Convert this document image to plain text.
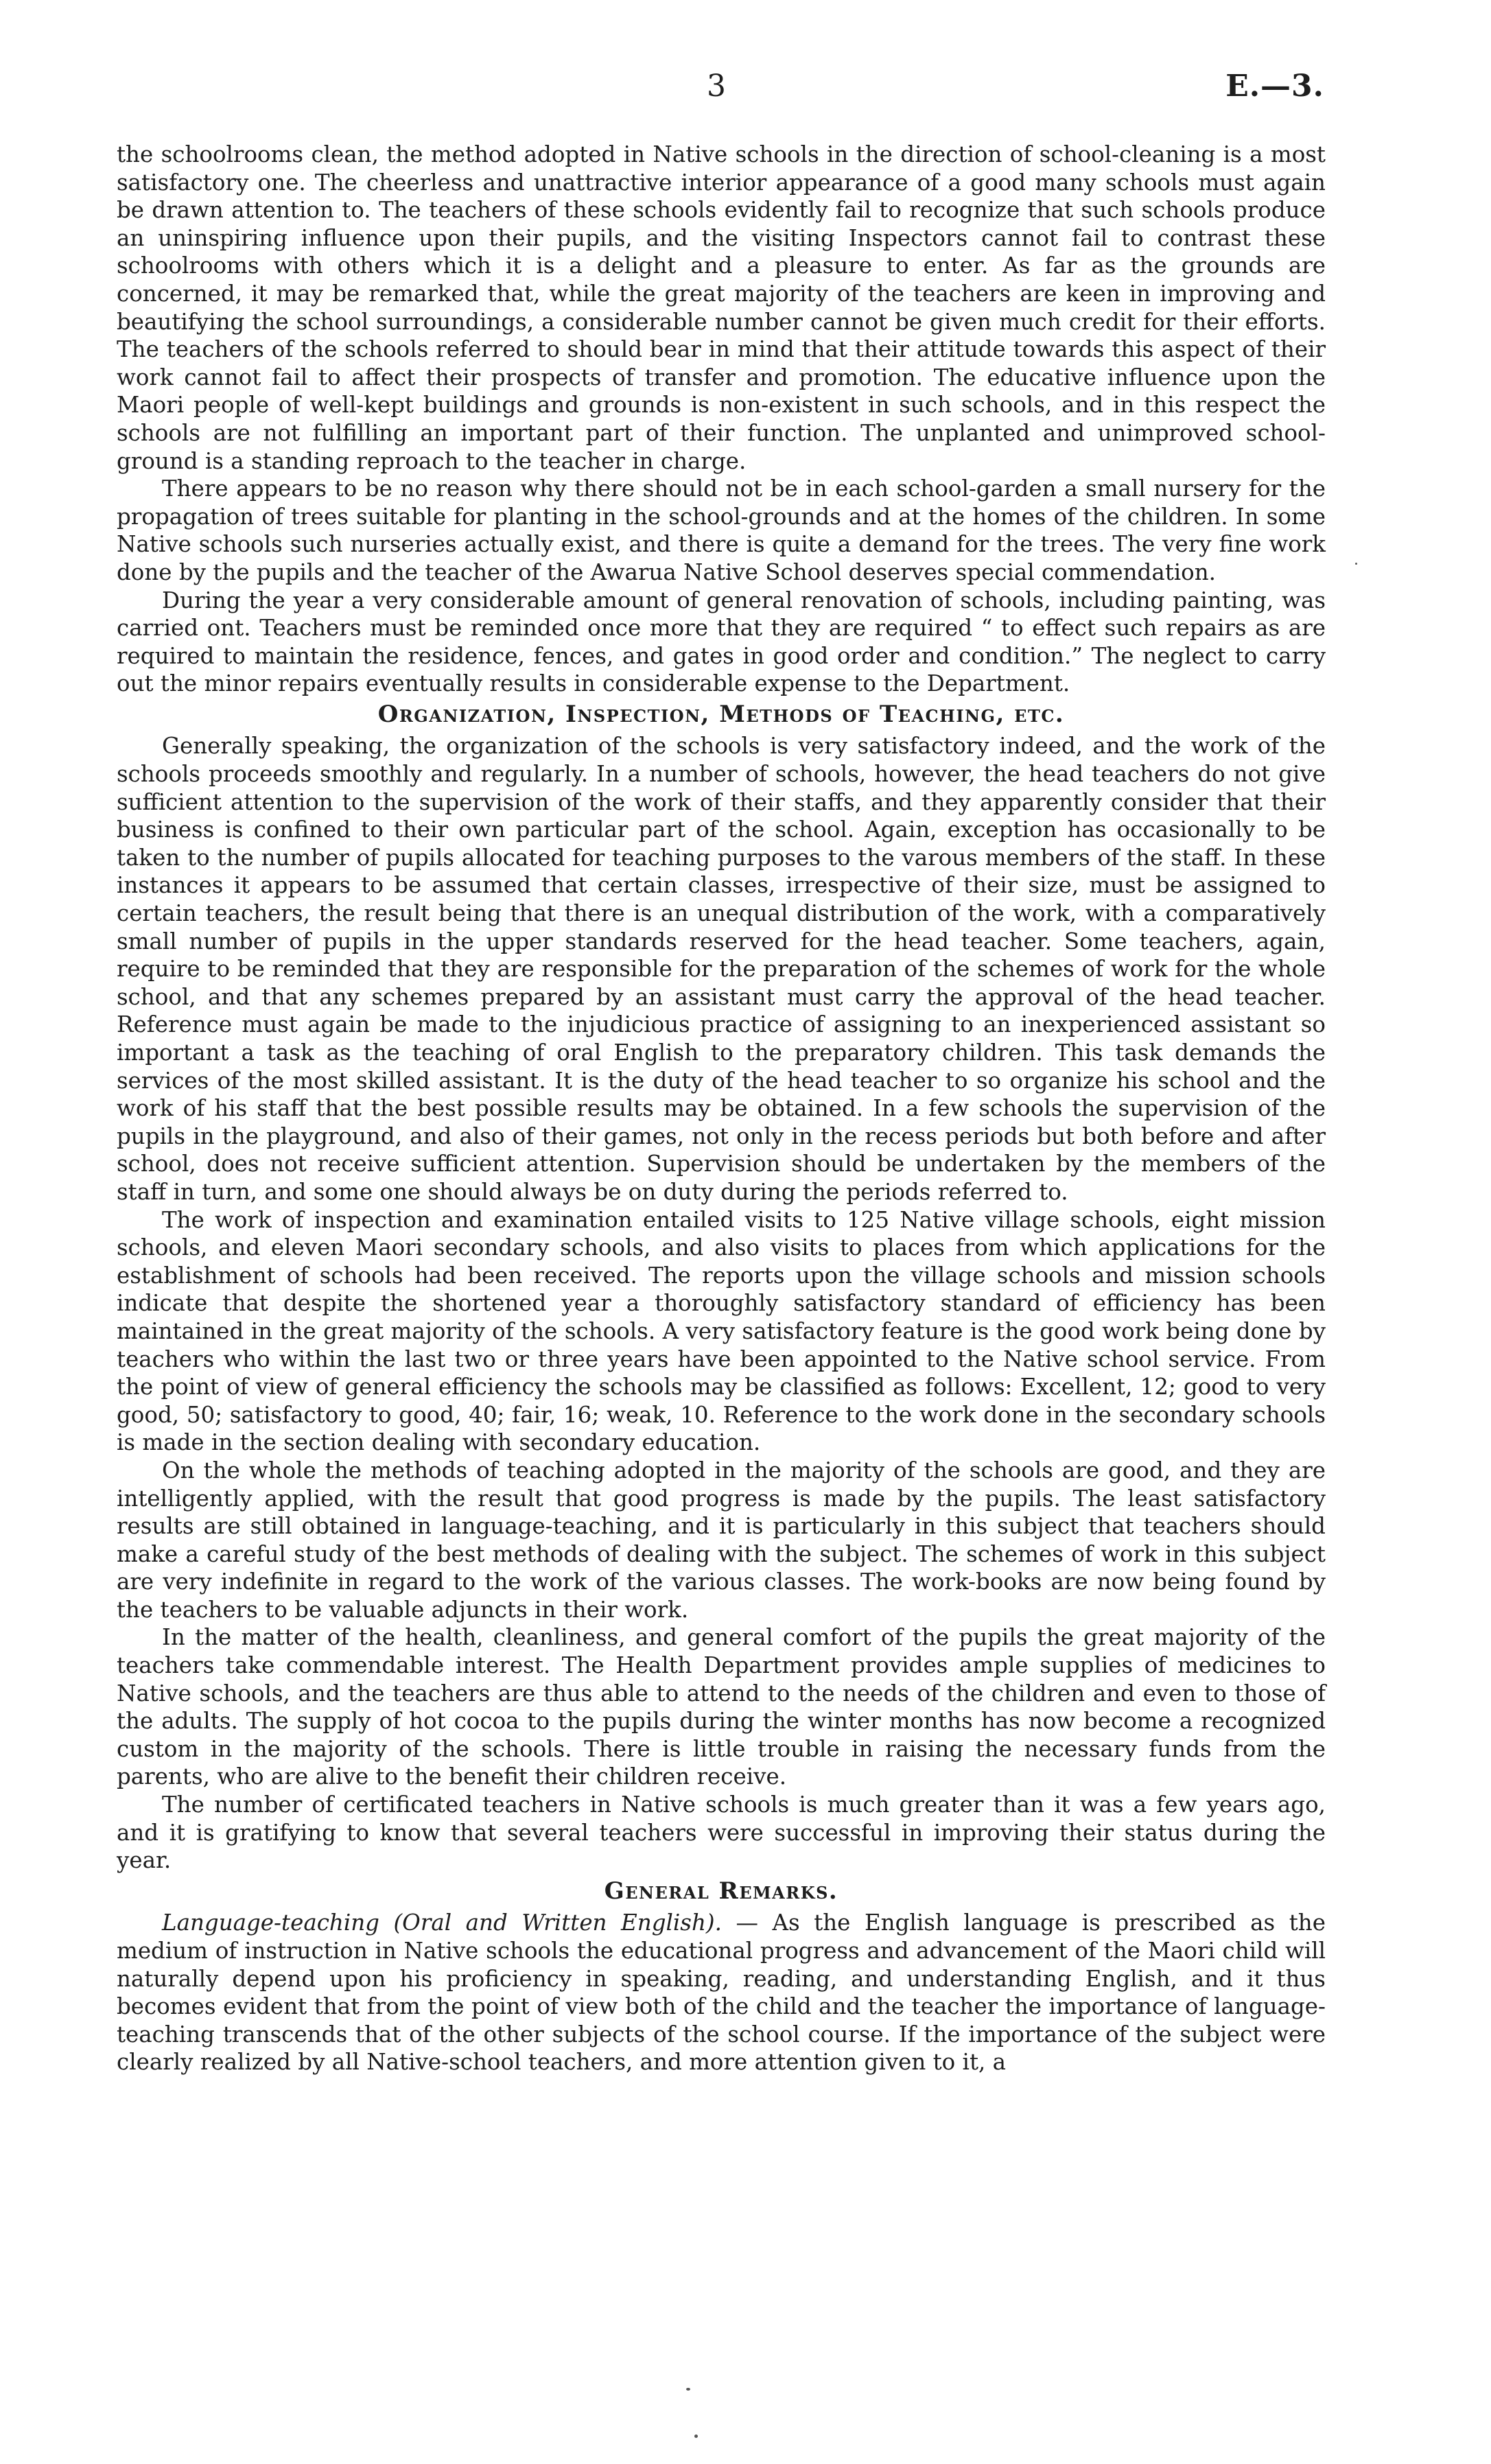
3	E.—3.

the schoolrooms clean, the method adopted in Native schools in the direction of school-cleaning is a most satisfactory one. The cheerless and unattractive interior appearance of a good many schools must again be drawn attention to. The teachers of these schools evidently fail to recognize that such schools produce an uninspiring influence upon their pupils, and the visiting Inspectors cannot fail to contrast these schoolrooms with others which it is a delight and a pleasure to enter. As far as the grounds are concerned, it may be remarked that, while the great majority of the teachers are keen in improving and beautifying the school surroundings, a considerable number cannot be given much credit for their efforts. The teachers of the schools referred to should bear in mind that their attitude towards this aspect of their work cannot fail to affect their prospects of transfer and promotion. The educative influence upon the Maori people of well-kept buildings and grounds is non-existent in such schools, and in this respect the schools are not fulfilling an important part of their function. The unplanted and unimproved school-ground is a standing reproach to the teacher in charge.

There appears to be no reason why there should not be in each school-garden a small nursery for the propagation of trees suitable for planting in the school-grounds and at the homes of the children. In some Native schools such nurseries actually exist, and there is quite a demand for the trees. The very fine work done by the pupils and the teacher of the Awarua Native School deserves special commendation.

During the year a very considerable amount of general renovation of schools, including painting, was carried ont. Teachers must be reminded once more that they are required “ to effect such repairs as are required to maintain the residence, fences, and gates in good order and condition.” The neglect to carry out the minor repairs eventually results in considerable expense to the Department.

Organization, Inspection, Methods of Teaching, etc.

Generally speaking, the organization of the schools is very satisfactory indeed, and the work of the schools proceeds smoothly and regularly. In a number of schools, however, the head teachers do not give sufficient attention to the supervision of the work of their staffs, and they apparently consider that their business is confined to their own particular part of the school. Again, exception has occasionally to be taken to the number of pupils allocated for teaching purposes to the varous members of the staff. In these instances it appears to be assumed that certain classes, irrespective of their size, must be assigned to certain teachers, the result being that there is an unequal distribution of the work, with a comparatively small number of pupils in the upper standards reserved for the head teacher. Some teachers, again, require to be reminded that they are responsible for the preparation of the schemes of work for the whole school, and that any schemes prepared by an assistant must carry the approval of the head teacher. Reference must again be made to the injudicious practice of assigning to an inexperienced assistant so important a task as the teaching of oral English to the preparatory children. This task demands the services of the most skilled assistant. It is the duty of the head teacher to so organize his school and the work of his staff that the best possible results may be obtained. In a few schools the supervision of the pupils in the playground, and also of their games, not only in the recess periods but both before and after school, does not receive sufficient attention. Supervision should be undertaken by the members of the staff in turn, and some one should always be on duty during the periods referred to.

The work of inspection and examination entailed visits to 125 Native village schools, eight mission schools, and eleven Maori secondary schools, and also visits to places from which applications for the establishment of schools had been received. The reports upon the village schools and mission schools indicate that despite the shortened year a thoroughly satisfactory standard of efficiency has been maintained in the great majority of the schools. A very satisfactory feature is the good work being done by teachers who within the last two or three years have been appointed to the Native school service. From the point of view of general efficiency the schools may be classified as follows: Excellent, 12; good to very good, 50; satisfactory to good, 40; fair, 16; weak, 10. Reference to the work done in the secondary schools is made in the section dealing with secondary education.

On the whole the methods of teaching adopted in the majority of the schools are good, and they are intelligently applied, with the result that good progress is made by the pupils. The least satisfactory results are still obtained in language-teaching, and it is particularly in this subject that teachers should make a careful study of the best methods of dealing with the subject. The schemes of work in this subject are very indefinite in regard to the work of the various classes. The work-books are now being found by the teachers to be valuable adjuncts in their work.

In the matter of the health, cleanliness, and general comfort of the pupils the great majority of the teachers take commendable interest. The Health Department provides ample supplies of medicines to Native schools, and the teachers are thus able to attend to the needs of the children and even to those of the adults. The supply of hot cocoa to the pupils during the winter months has now become a recognized custom in the majority of the schools. There is little trouble in raising the necessary funds from the parents, who are alive to the benefit their children receive.

The number of certificated teachers in Native schools is much greater than it was a few years ago, and it is gratifying to know that several teachers were successful in improving their status during the year.

General Remarks.

Language-teaching (Oral and Written English). — As the English language is prescribed as the medium of instruction in Native schools the educational progress and advancement of the Maori child will naturally depend upon his proficiency in speaking, reading, and understanding English, and it thus becomes evident that from the point of view both of the child and the teacher the importance of language-teaching transcends that of the other subjects of the school course. If the importance of the subject were clearly realized by all Native-school teachers, and more attention given to it, a
